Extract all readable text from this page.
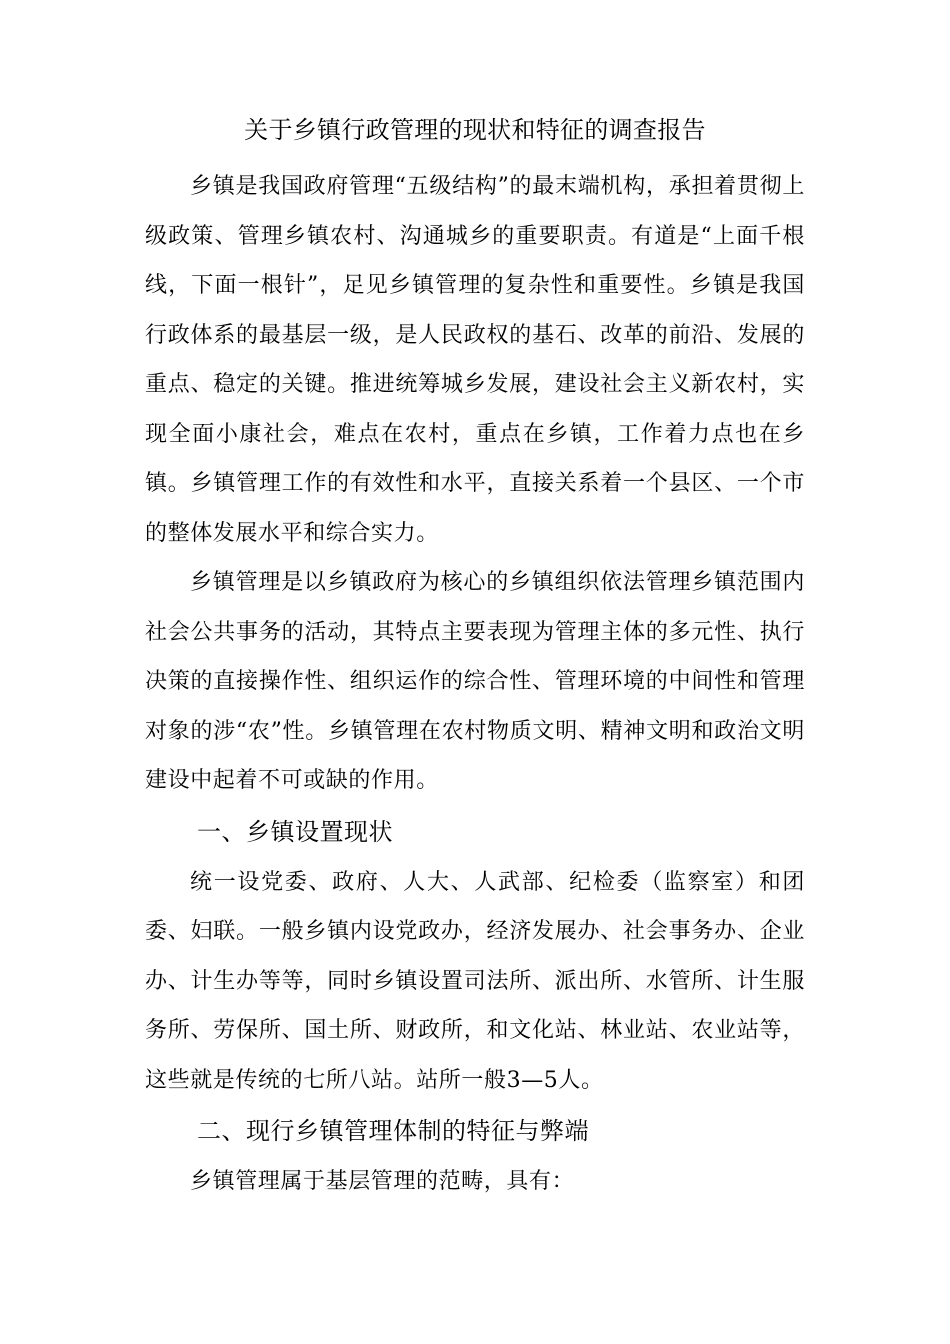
关于乡镇行政管理的现状和特征的调查报告

乡镇是我国政府管理“五级结构”的最末端机构，承担着贯彻上级政策、管理乡镇农村、沟通城乡的重要职责。有道是“上面千根线，下面一根针”，足见乡镇管理的复杂性和重要性。乡镇是我国行政体系的最基层一级，是人民政权的基石、改革的前沿、发展的重点、稳定的关键。推进统筹城乡发展，建设社会主义新农村，实现全面小康社会，难点在农村，重点在乡镇，工作着力点也在乡镇。乡镇管理工作的有效性和水平，直接关系着一个县区、一个市的整体发展水平和综合实力。

乡镇管理是以乡镇政府为核心的乡镇组织依法管理乡镇范围内社会公共事务的活动，其特点主要表现为管理主体的多元性、执行决策的直接操作性、组织运作的综合性、管理环境的中间性和管理对象的涉“农”性。乡镇管理在农村物质文明、精神文明和政治文明建设中起着不可或缺的作用。

一、乡镇设置现状

统一设党委、政府、人大、人武部、纪检委（监察室）和团委、妇联。一般乡镇内设党政办，经济发展办、社会事务办、企业办、计生办等等，同时乡镇设置司法所、派出所、水管所、计生服务所、劳保所、国土所、财政所，和文化站、林业站、农业站等，这些就是传统的七所八站。站所一般3—5人。

二、现行乡镇管理体制的特征与弊端

乡镇管理属于基层管理的范畴，具有：
